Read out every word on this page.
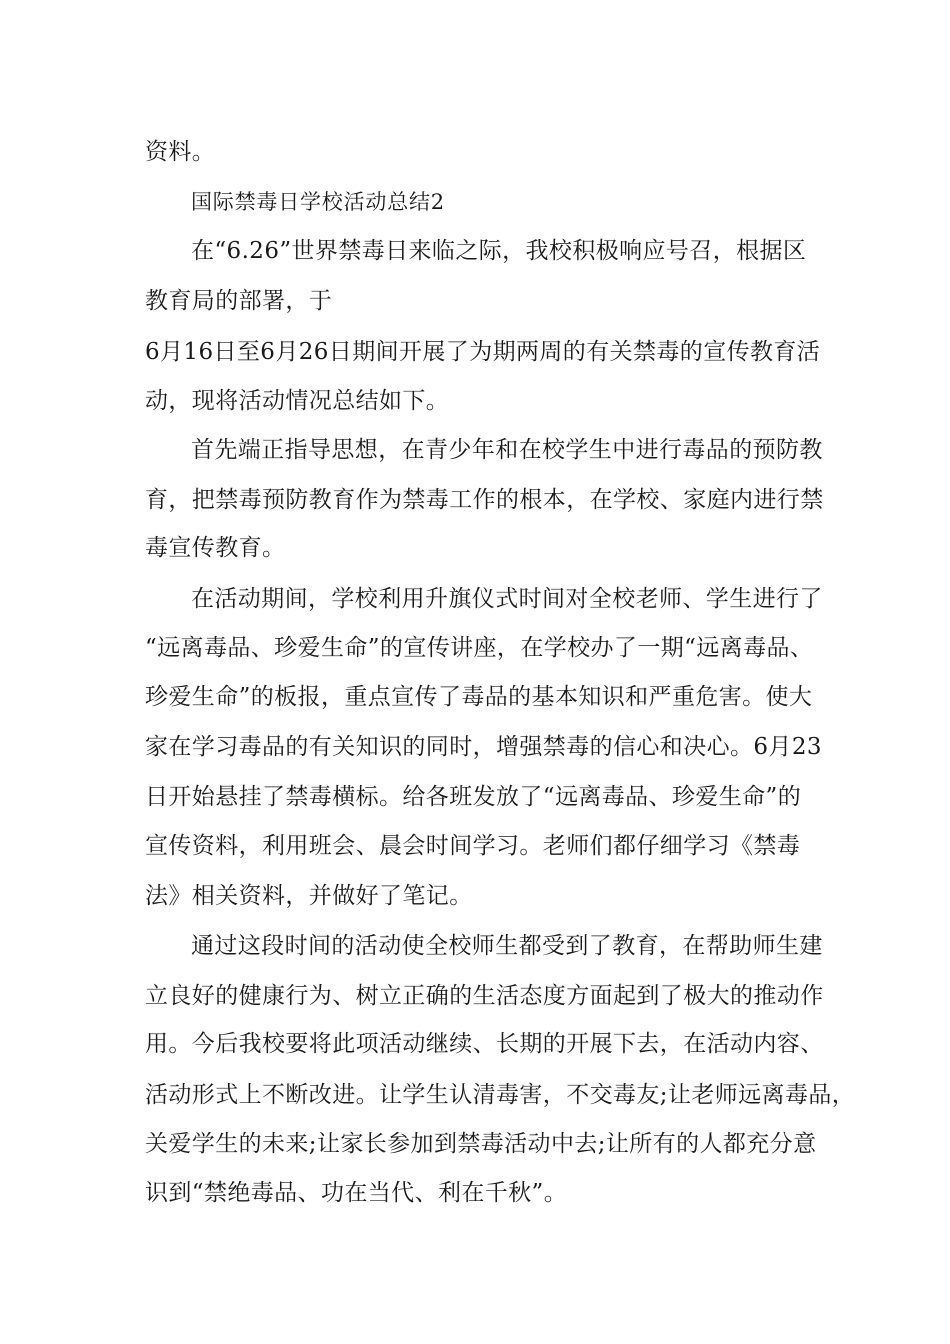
资料。
国际禁毒日学校活动总结2
在“6.26”世界禁毒日来临之际，我校积极响应号召，根据区
教育局的部署，于
6月16日至6月26日期间开展了为期两周的有关禁毒的宣传教育活
动，现将活动情况总结如下。
首先端正指导思想，在青少年和在校学生中进行毒品的预防教
育，把禁毒预防教育作为禁毒工作的根本，在学校、家庭内进行禁
毒宣传教育。
在活动期间，学校利用升旗仪式时间对全校老师、学生进行了
“远离毒品、珍爱生命”的宣传讲座，在学校办了一期“远离毒品、
珍爱生命”的板报，重点宣传了毒品的基本知识和严重危害。使大
家在学习毒品的有关知识的同时，增强禁毒的信心和决心。6月23
日开始悬挂了禁毒横标。给各班发放了“远离毒品、珍爱生命”的
宣传资料，利用班会、晨会时间学习。老师们都仔细学习《禁毒
法》相关资料，并做好了笔记。
通过这段时间的活动使全校师生都受到了教育，在帮助师生建
立良好的健康行为、树立正确的生活态度方面起到了极大的推动作
用。今后我校要将此项活动继续、长期的开展下去，在活动内容、
活动形式上不断改进。让学生认清毒害，不交毒友;让老师远离毒品，
关爱学生的未来;让家长参加到禁毒活动中去;让所有的人都充分意
识到“禁绝毒品、功在当代、利在千秋”。
